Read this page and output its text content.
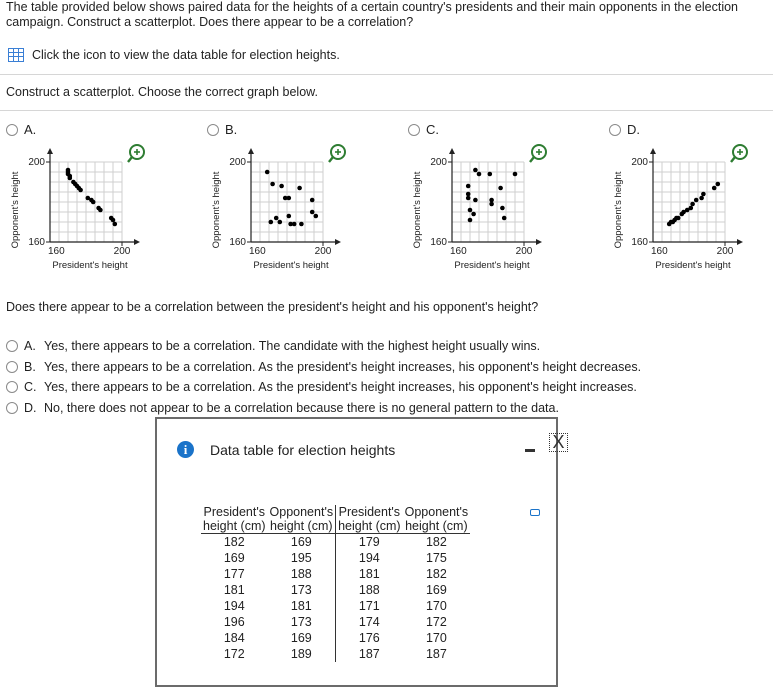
The table provided below shows paired data for the heights of a certain country's presidents and their main opponents in the election campaign. Construct a scatterplot. Does there appear to be a correlation?
Click the icon to view the data table for election heights.
Construct a scatterplot. Choose the correct graph below.
A.
200
160
160	200
President's height
Opponent's height
B.
200
160
160	200
President's height
Opponent's height
C.
200
160
160	200
President's height
Opponent's height
D.
200
160
160	200
President's height
Opponent's height
Does there appear to be a correlation between the president's height and his opponent's height?
A. Yes, there appears to be a correlation. The candidate with the highest height usually wins.
B. Yes, there appears to be a correlation. As the president's height increases, his opponent's height decreases.
C. Yes, there appears to be a correlation. As the president's height increases, his opponent's height increases.
D. No, there does not appear to be a correlation because there is no general pattern to the data.
i	Data table for election heights	X
President's	Opponent's	President's	Opponent's
height (cm)	height (cm)	height (cm)	height (cm)
182	169	179	182
169	195	194	175
177	188	181	182
181	173	188	169
194	181	171	170
196	173	174	172
184	169	176	170
172	189	187	187
